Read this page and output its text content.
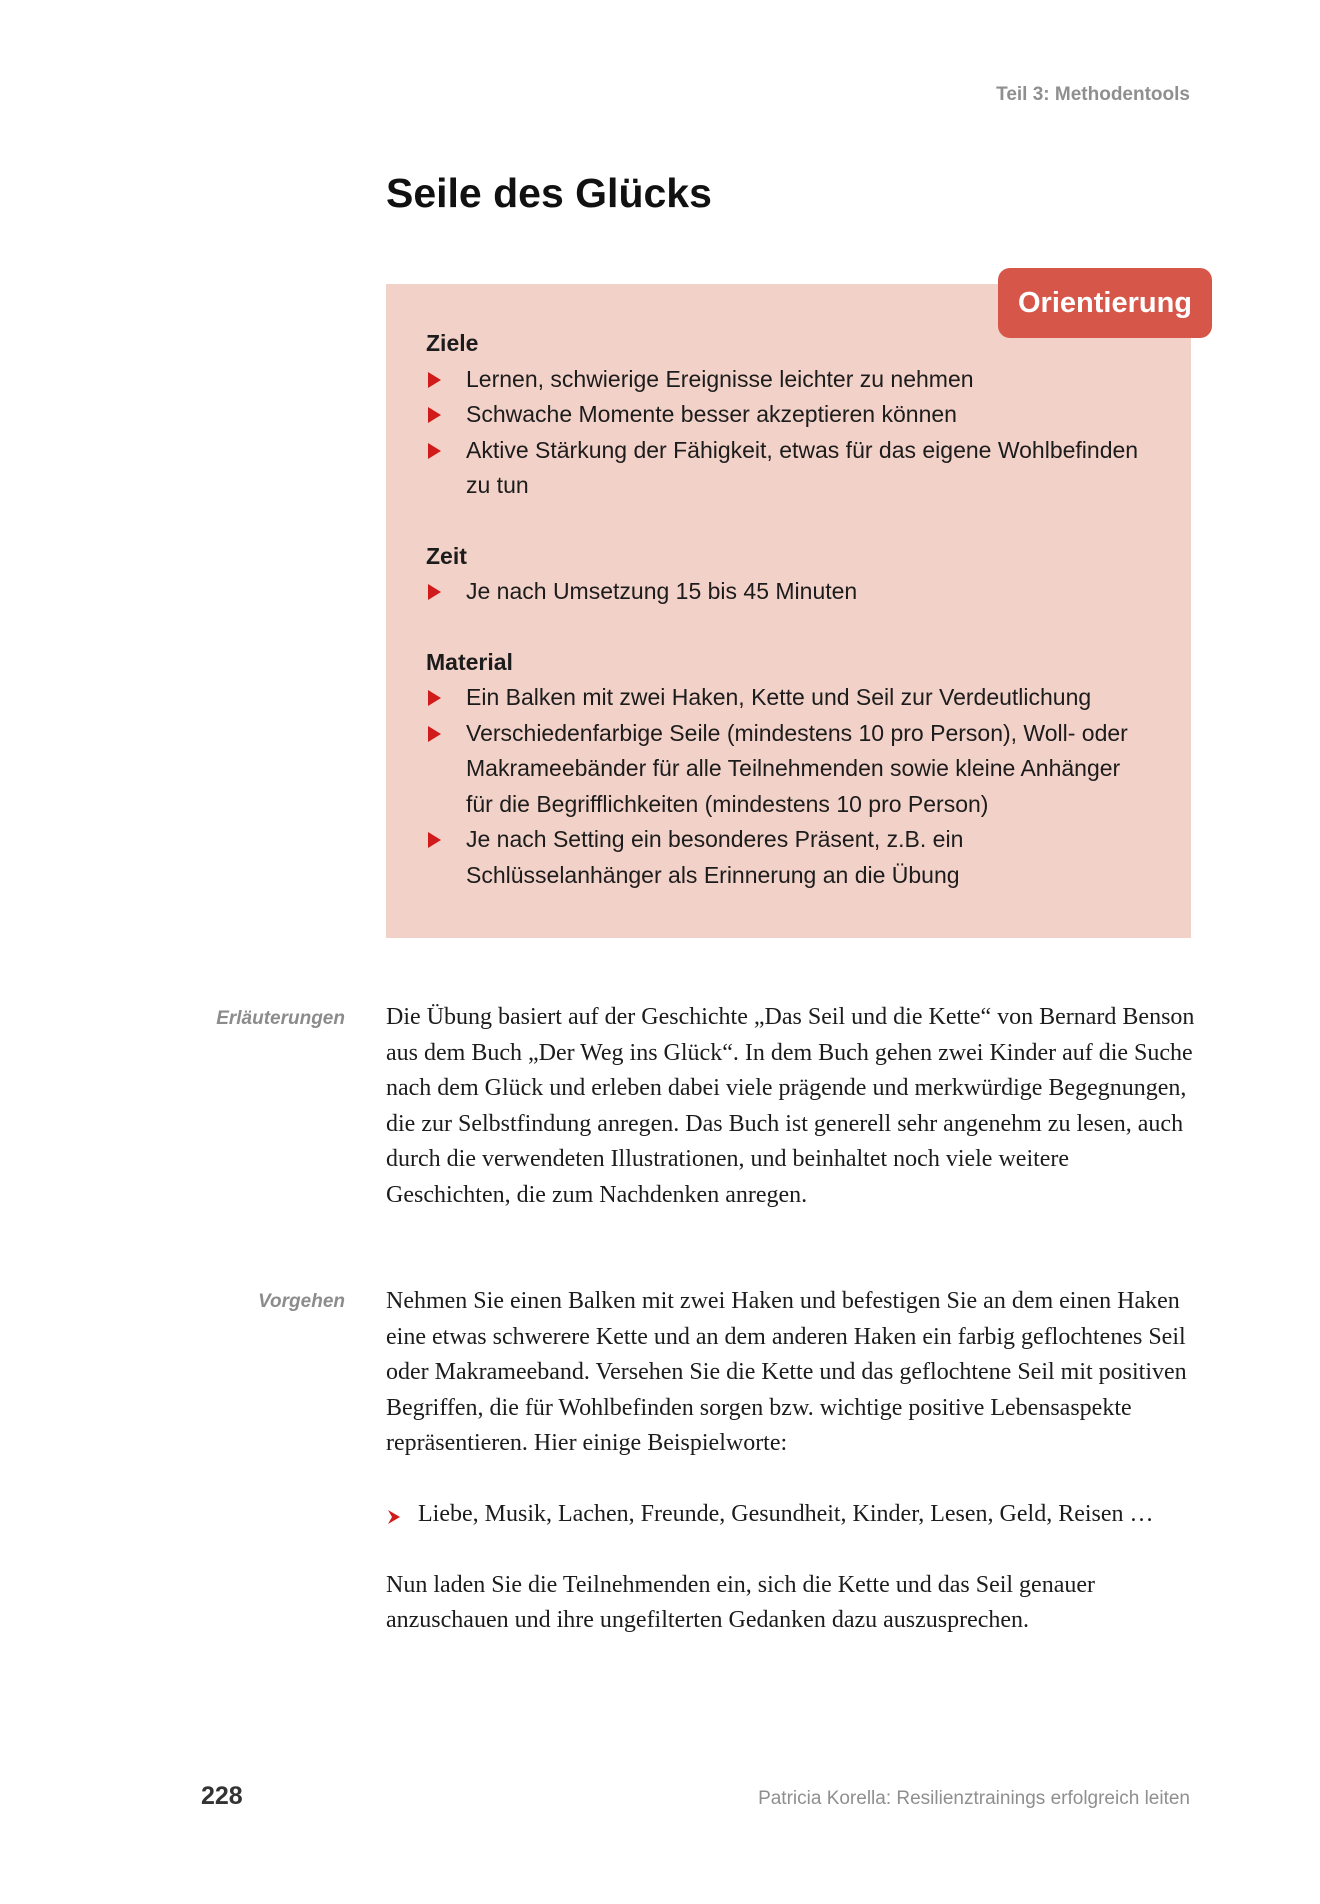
Teil 3: Methodentools
Seile des Glücks
Orientierung

Ziele

Lernen, schwierige Ereignisse leichter zu nehmen
Schwache Momente besser akzeptieren können
Aktive Stärkung der Fähigkeit, etwas für das eigene Wohlbefinden zu tun

Zeit

Je nach Umsetzung 15 bis 45 Minuten

Material

Ein Balken mit zwei Haken, Kette und Seil zur Verdeutlichung
Verschiedenfarbige Seile (mindestens 10 pro Person), Woll- oder Makrameebänder für alle Teilnehmenden sowie kleine Anhänger für die Begrifflichkeiten (mindestens 10 pro Person)
Je nach Setting ein besonderes Präsent, z.B. ein Schlüsselanhänger als Erinnerung an die Übung
Erläuterungen Die Übung basiert auf der Geschichte „Das Seil und die Kette“ von Bernard Benson aus dem Buch „Der Weg ins Glück“. In dem Buch gehen zwei Kinder auf die Suche nach dem Glück und erleben dabei viele prägende und merkwürdige Begegnungen, die zur Selbstfindung anregen. Das Buch ist generell sehr angenehm zu lesen, auch durch die verwendeten Illustrationen, und beinhaltet noch viele weitere Geschichten, die zum Nachdenken anregen.

Vorgehen Nehmen Sie einen Balken mit zwei Haken und befestigen Sie an dem einen Haken eine etwas schwerere Kette und an dem anderen Haken ein farbig geflochtenes Seil oder Makrameeband. Versehen Sie die Kette und das geflochtene Seil mit positiven Begriffen, die für Wohlbefinden sorgen bzw. wichtige positive Lebensaspekte repräsentieren. Hier einige Beispielworte:

Liebe, Musik, Lachen, Freunde, Gesundheit, Kinder, Lesen, Geld, Reisen …

Nun laden Sie die Teilnehmenden ein, sich die Kette und das Seil genauer anzuschauen und ihre ungefilterten Gedanken dazu auszusprechen.

228	Patricia Korella: Resilienztrainings erfolgreich leiten
